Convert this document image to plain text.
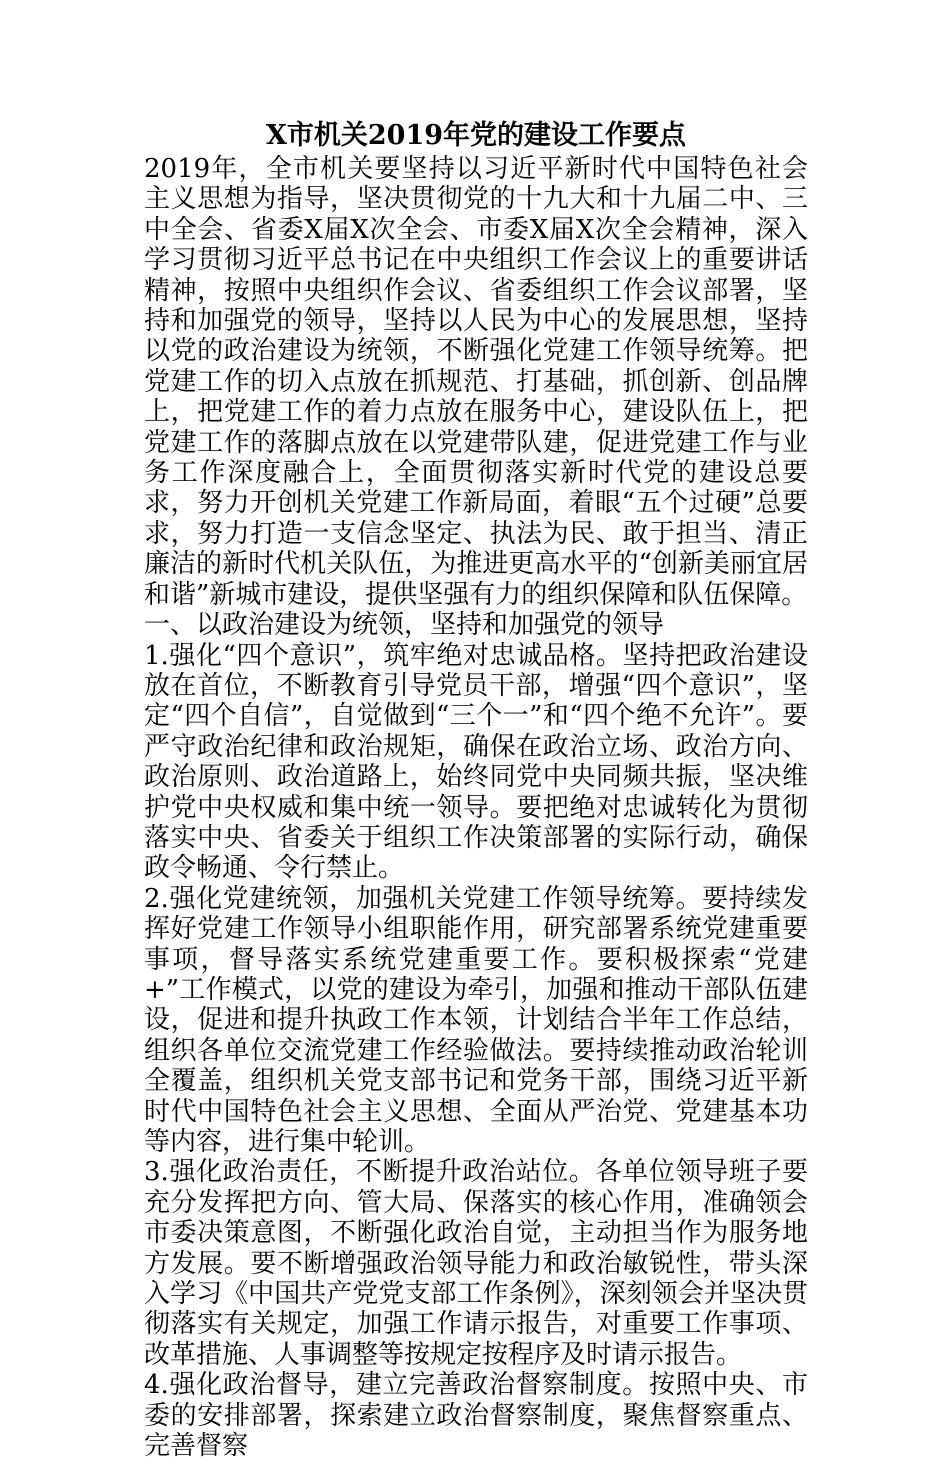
X市机关2019年党的建设工作要点

2019年，全市机关要坚持以习近平新时代中国特色社会主义思想为指导，坚决贯彻党的十九大和十九届二中、三中全会、省委X届X次全会、市委X届X次全会精神，深入学习贯彻习近平总书记在中央组织工作会议上的重要讲话精神，按照中央组织作会议、省委组织工作会议部署，坚持和加强党的领导，坚持以人民为中心的发展思想，坚持以党的政治建设为统领，不断强化党建工作领导统筹。把党建工作的切入点放在抓规范、打基础，抓创新、创品牌上，把党建工作的着力点放在服务中心，建设队伍上，把党建工作的落脚点放在以党建带队建，促进党建工作与业务工作深度融合上，全面贯彻落实新时代党的建设总要求，努力开创机关党建工作新局面，着眼“五个过硬”总要求，努力打造一支信念坚定、执法为民、敢于担当、清正廉洁的新时代机关队伍，为推进更高水平的“创新美丽宜居和谐”新城市建设，提供坚强有力的组织保障和队伍保障。

一、以政治建设为统领，坚持和加强党的领导

1.强化“四个意识”，筑牢绝对忠诚品格。坚持把政治建设放在首位，不断教育引导党员干部，增强“四个意识”，坚定“四个自信”，自觉做到“三个一”和“四个绝不允许”。要严守政治纪律和政治规矩，确保在政治立场、政治方向、政治原则、政治道路上，始终同党中央同频共振，坚决维护党中央权威和集中统一领导。要把绝对忠诚转化为贯彻落实中央、省委关于组织工作决策部署的实际行动，确保政令畅通、令行禁止。

2.强化党建统领，加强机关党建工作领导统筹。要持续发挥好党建工作领导小组职能作用，研究部署系统党建重要事项，督导落实系统党建重要工作。要积极探索“党建+”工作模式，以党的建设为牵引，加强和推动干部队伍建设，促进和提升执政工作本领，计划结合半年工作总结，组织各单位交流党建工作经验做法。要持续推动政治轮训全覆盖，组织机关党支部书记和党务干部，围绕习近平新时代中国特色社会主义思想、全面从严治党、党建基本功等内容，进行集中轮训。

3.强化政治责任，不断提升政治站位。各单位领导班子要充分发挥把方向、管大局、保落实的核心作用，准确领会市委决策意图，不断强化政治自觉，主动担当作为服务地方发展。要不断增强政治领导能力和政治敏锐性，带头深入学习《中国共产党党支部工作条例》，深刻领会并坚决贯彻落实有关规定，加强工作请示报告，对重要工作事项、改革措施、人事调整等按规定按程序及时请示报告。

4.强化政治督导，建立完善政治督察制度。按照中央、市委的安排部署，探索建立政治督察制度，聚焦督察重点、完善督察
